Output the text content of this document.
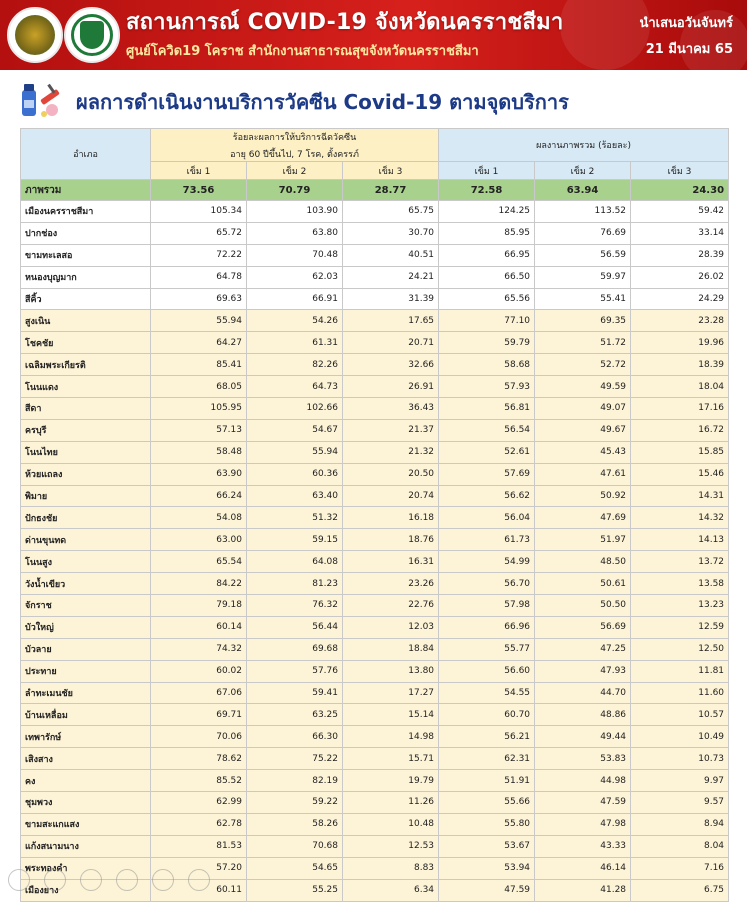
สถานการณ์ COVID-19 จังหวัดนครราชสีมา
ศูนย์โควิด19 โคราช สำนักงานสาธารณสุขจังหวัดนครราชสีมา
นำเสนอวันจันทร์
21 มีนาคม 65
ผลการดำเนินงานบริการวัคซีน Covid-19 ตามจุดบริการ
อำเภอ	ร้อยละผลการให้บริการฉีดวัคซีน
อายุ 60 ปีขึ้นไป, 7 โรค, ตั้งครรภ์			ผลงานภาพรวม (ร้อยละ)		
	เข็ม 1	เข็ม 2	เข็ม 3	เข็ม 1	เข็ม 2	เข็ม 3
ภาพรวม	73.56	70.79	28.77	72.58	63.94	24.30
เมืองนครราชสีมา	105.34	103.90	65.75	124.25	113.52	59.42
ปากช่อง	65.72	63.80	30.70	85.95	76.69	33.14
ขามทะเลสอ	72.22	70.48	40.51	66.95	56.59	28.39
หนองบุญมาก	64.78	62.03	24.21	66.50	59.97	26.02
สีคิ้ว	69.63	66.91	31.39	65.56	55.41	24.29
สูงเนิน	55.94	54.26	17.65	77.10	69.35	23.28
โชคชัย	64.27	61.31	20.71	59.79	51.72	19.96
เฉลิมพระเกียรติ	85.41	82.26	32.66	58.68	52.72	18.39
โนนแดง	68.05	64.73	26.91	57.93	49.59	18.04
สีดา	105.95	102.66	36.43	56.81	49.07	17.16
ครบุรี	57.13	54.67	21.37	56.54	49.67	16.72
โนนไทย	58.48	55.94	21.32	52.61	45.43	15.85
ห้วยแถลง	63.90	60.36	20.50	57.69	47.61	15.46
พิมาย	66.24	63.40	20.74	56.62	50.92	14.31
ปักธงชัย	54.08	51.32	16.18	56.04	47.69	14.32
ด่านขุนทด	63.00	59.15	18.76	61.73	51.97	14.13
โนนสูง	65.54	64.08	16.31	54.99	48.50	13.72
วังน้ำเขียว	84.22	81.23	23.26	56.70	50.61	13.58
จักราช	79.18	76.32	22.76	57.98	50.50	13.23
บัวใหญ่	60.14	56.44	12.03	66.96	56.69	12.59
บัวลาย	74.32	69.68	18.84	55.77	47.25	12.50
ประทาย	60.02	57.76	13.80	56.60	47.93	11.81
ลำทะเมนชัย	67.06	59.41	17.27	54.55	44.70	11.60
บ้านเหลื่อม	69.71	63.25	15.14	60.70	48.86	10.57
เทพารักษ์	70.06	66.30	14.98	56.21	49.44	10.49
เสิงสาง	78.62	75.22	15.71	62.31	53.83	10.73
คง	85.52	82.19	19.79	51.91	44.98	9.97
ชุมพวง	62.99	59.22	11.26	55.66	47.59	9.57
ขามสะแกแสง	62.78	58.26	10.48	55.80	47.98	8.94
แก้งสนามนาง	81.53	70.68	12.53	53.67	43.33	8.04
พระทองคำ	57.20	54.65	8.83	53.94	46.14	7.16
เมืองยาง	60.11	55.25	6.34	47.59	41.28	6.75
